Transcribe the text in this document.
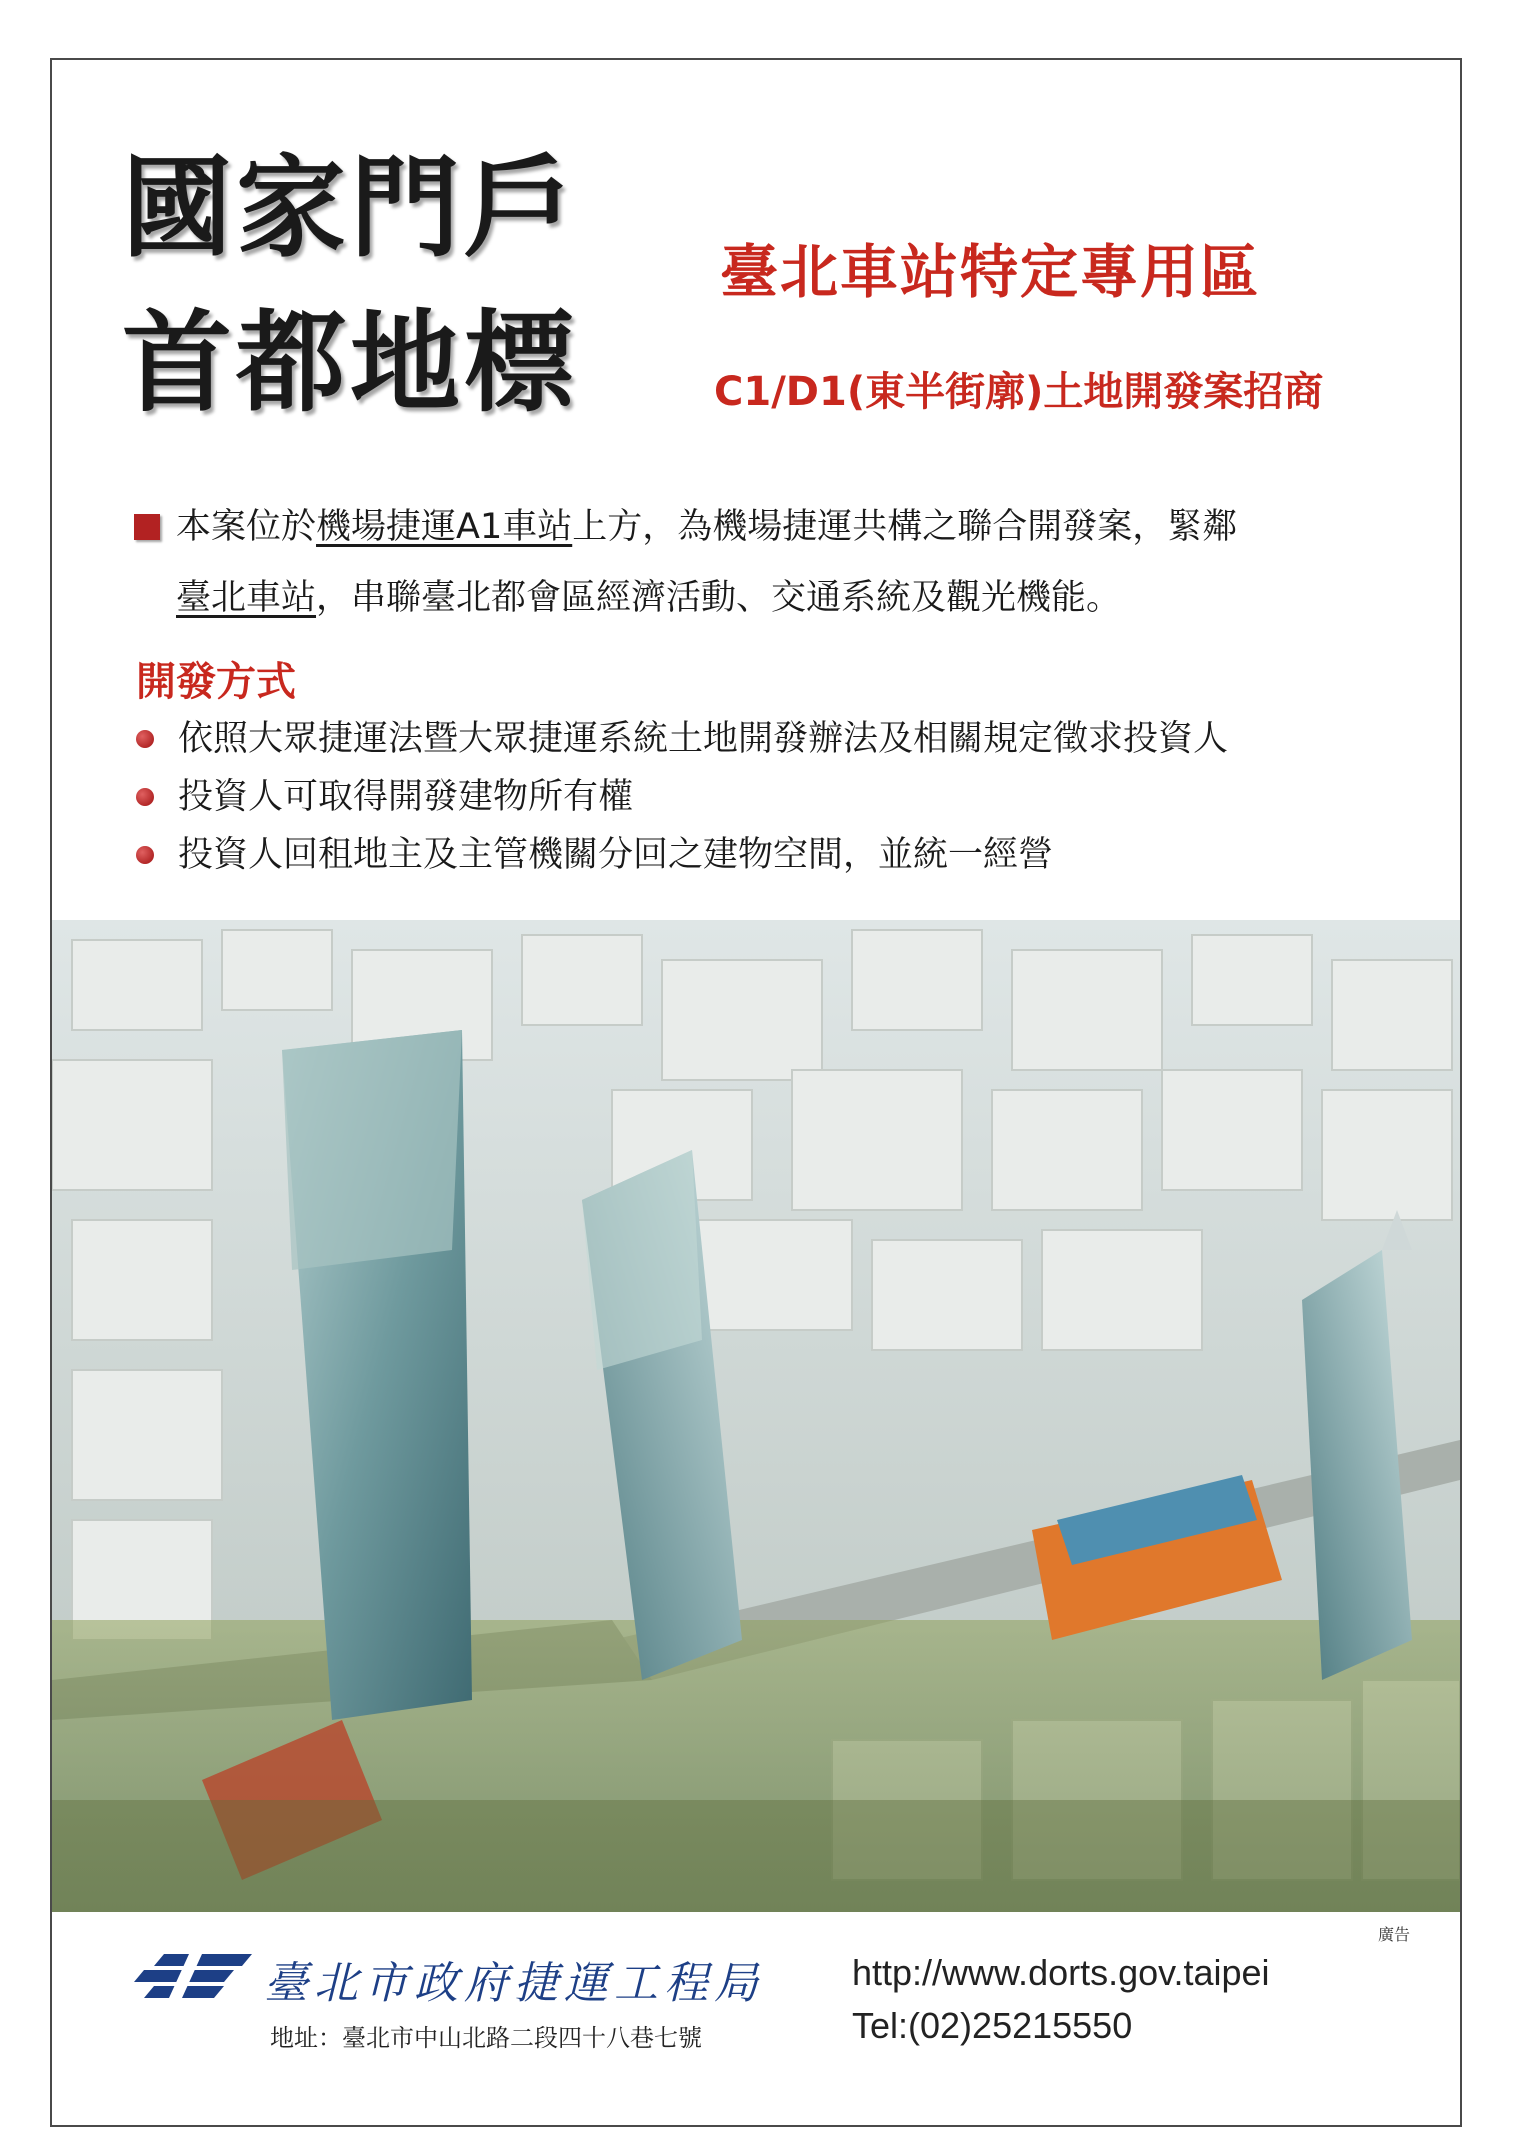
國家門戶
首都地標
臺北車站特定專用區
C1/D1(東半街廓)土地開發案招商
本案位於機場捷運A1車站上方，為機場捷運共構之聯合開發案，緊鄰
臺北車站，串聯臺北都會區經濟活動、交通系統及觀光機能。
開發方式
依照大眾捷運法暨大眾捷運系統土地開發辦法及相關規定徵求投資人
投資人可取得開發建物所有權
投資人回租地主及主管機關分回之建物空間，並統一經營
廣告
臺北市政府捷運工程局
地址：臺北市中山北路二段四十八巷七號
http://www.dorts.gov.taipei
Tel:(02)25215550
